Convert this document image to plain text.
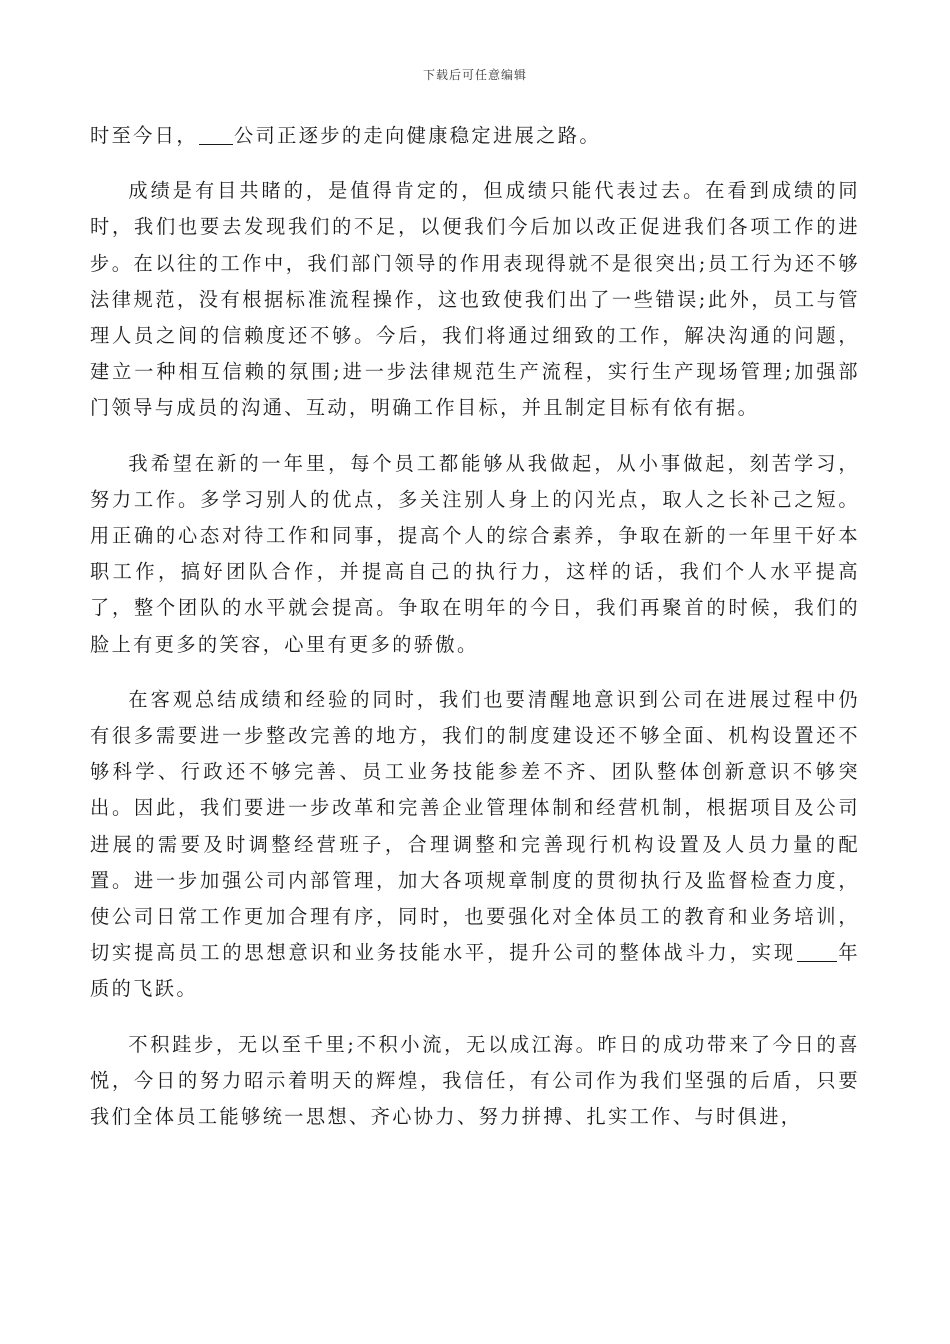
下载后可任意编辑

时至今日， 公司正逐步的走向健康稳定进展之路。

成绩是有目共睹的，是值得肯定的，但成绩只能代表过去。在看到成绩的同时，我们也要去发现我们的不足，以便我们今后加以改正促进我们各项工作的进步。在以往的工作中，我们部门领导的作用表现得就不是很突出;员工行为还不够法律规范，没有根据标准流程操作，这也致使我们出了一些错误;此外，员工与管理人员之间的信赖度还不够。今后，我们将通过细致的工作，解决沟通的问题，建立一种相互信赖的氛围;进一步法律规范生产流程，实行生产现场管理;加强部门领导与成员的沟通、互动，明确工作目标，并且制定目标有依有据。

我希望在新的一年里，每个员工都能够从我做起，从小事做起，刻苦学习，努力工作。多学习别人的优点，多关注别人身上的闪光点，取人之长补己之短。用正确的心态对待工作和同事，提高个人的综合素养，争取在新的一年里干好本职工作，搞好团队合作，并提高自己的执行力，这样的话，我们个人水平提高了，整个团队的水平就会提高。争取在明年的今日，我们再聚首的时候，我们的脸上有更多的笑容，心里有更多的骄傲。

在客观总结成绩和经验的同时，我们也要清醒地意识到公司在进展过程中仍有很多需要进一步整改完善的地方，我们的制度建设还不够全面、机构设置还不够科学、行政还不够完善、员工业务技能参差不齐、团队整体创新意识不够突出。因此，我们要进一步改革和完善企业管理体制和经营机制，根据项目及公司进展的需要及时调整经营班子，合理调整和完善现行机构设置及人员力量的配置。进一步加强公司内部管理，加大各项规章制度的贯彻执行及监督检查力度，使公司日常工作更加合理有序，同时，也要强化对全体员工的教育和业务培训，切实提高员工的思想意识和业务技能水平，提升公司的整体战斗力，实现 年质的飞跃。

不积跬步，无以至千里;不积小流，无以成江海。昨日的成功带来了今日的喜悦，今日的努力昭示着明天的辉煌，我信任，有公司作为我们坚强的后盾，只要我们全体员工能够统一思想、齐心协力、努力拼搏、扎实工作、与时俱进，
